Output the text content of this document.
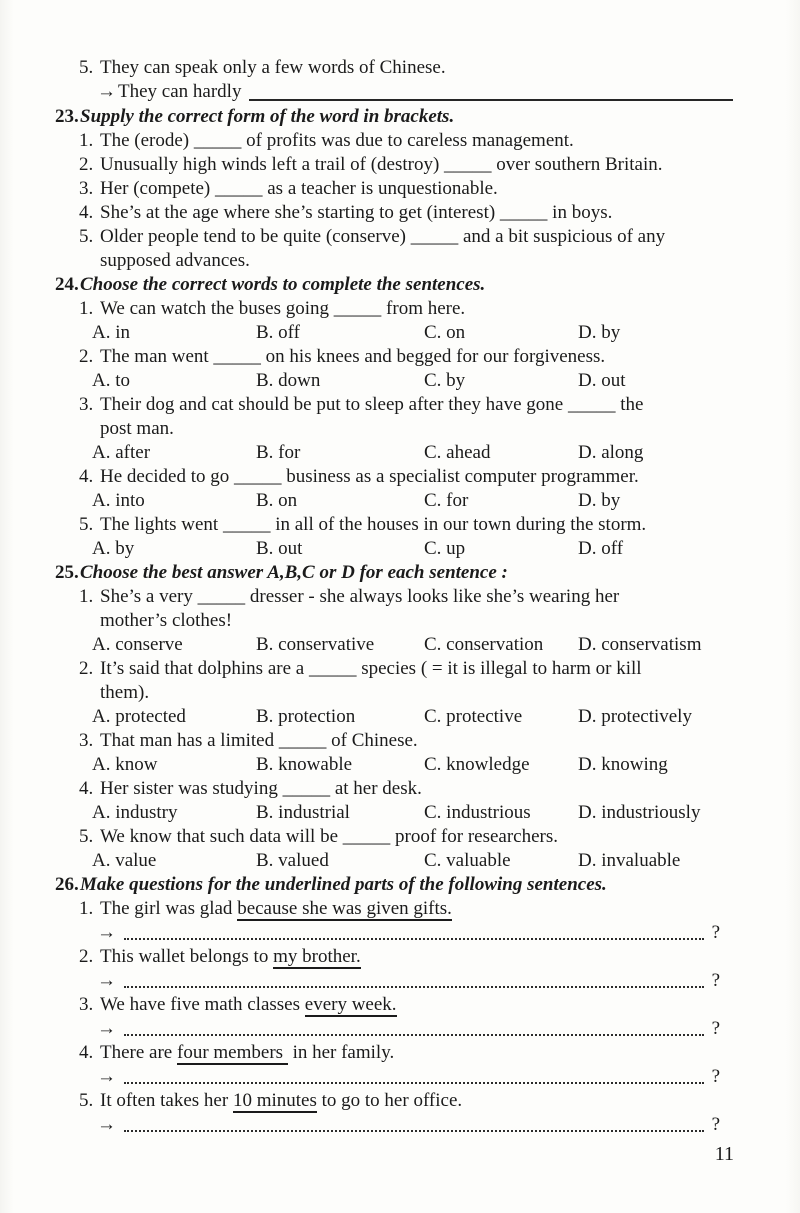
5. They can speak only a few words of Chinese.
→ They can hardly
23. Supply the correct form of the word in brackets.
1. The (erode) _____ of profits was due to careless management.
2. Unusually high winds left a trail of (destroy) _____ over southern Britain.
3. Her (compete) _____ as a teacher is unquestionable.
4. She’s at the age where she’s starting to get (interest) _____ in boys.
5. Older people tend to be quite (conserve) _____ and a bit suspicious of any
supposed advances.
24. Choose the correct words to complete the sentences.
1. We can watch the buses going _____ from here.
A. in	B. off	C. on	D. by
2. The man went _____ on his knees and begged for our forgiveness.
A. to	B. down	C. by	D. out
3. Their dog and cat should be put to sleep after they have gone _____ the
post man.
A. after	B. for	C. ahead	D. along
4. He decided to go _____ business as a specialist computer programmer.
A. into	B. on	C. for	D. by
5. The lights went _____ in all of the houses in our town during the storm.
A. by	B. out	C. up	D. off
25. Choose the best answer A,B,C or D for each sentence :
1. She’s a very _____ dresser - she always looks like she’s wearing her
mother’s clothes!
A. conserve	B. conservative	C. conservation	D. conservatism
2. It’s said that dolphins are a _____ species ( = it is illegal to harm or kill
them).
A. protected	B. protection	C. protective	D. protectively
3. That man has a limited _____ of Chinese.
A. know	B. knowable	C. knowledge	D. knowing
4. Her sister was studying _____ at her desk.
A. industry	B. industrial	C. industrious	D. industriously
5. We know that such data will be _____ proof for researchers.
A. value	B. valued	C. valuable	D. invaluable
26. Make questions for the underlined parts of the following sentences.
1. The girl was glad because she was given gifts.
→	?
2. This wallet belongs to my brother.
→	?
3. We have five math classes every week.
→	?
4. There are four members  in her family.
→	?
5. It often takes her 10 minutes to go to her office.
→	?
11
